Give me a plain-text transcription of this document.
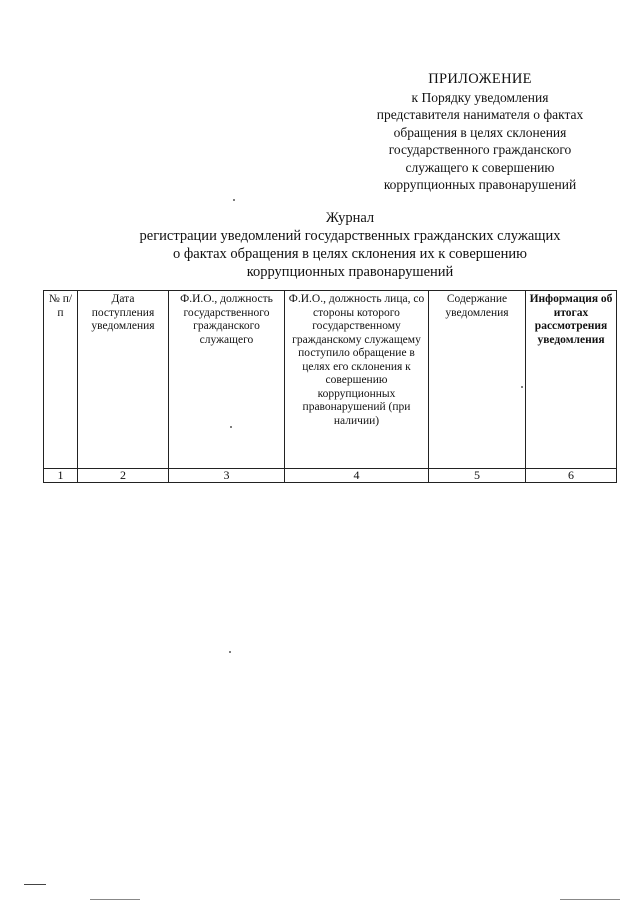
ПРИЛОЖЕНИЕ
к Порядку уведомления
представителя нанимателя о фактах
обращения в целях склонения
государственного гражданского
служащего к совершению
коррупционных правонарушений
Журнал
регистрации уведомлений государственных гражданских служащих
о фактах обращения в целях склонения их к совершению
коррупционных правонарушений
№ п/п	Дата поступления уведомления	Ф.И.О., должность государственного гражданского служащего	Ф.И.О., должность лица, со стороны которого государственному гражданскому служащему поступило обращение в целях его склонения к совершению коррупционных правонарушений (при наличии)	Содержание уведомления	Информация об итогах рассмотрения уведомления
1	2	3	4	5	6
